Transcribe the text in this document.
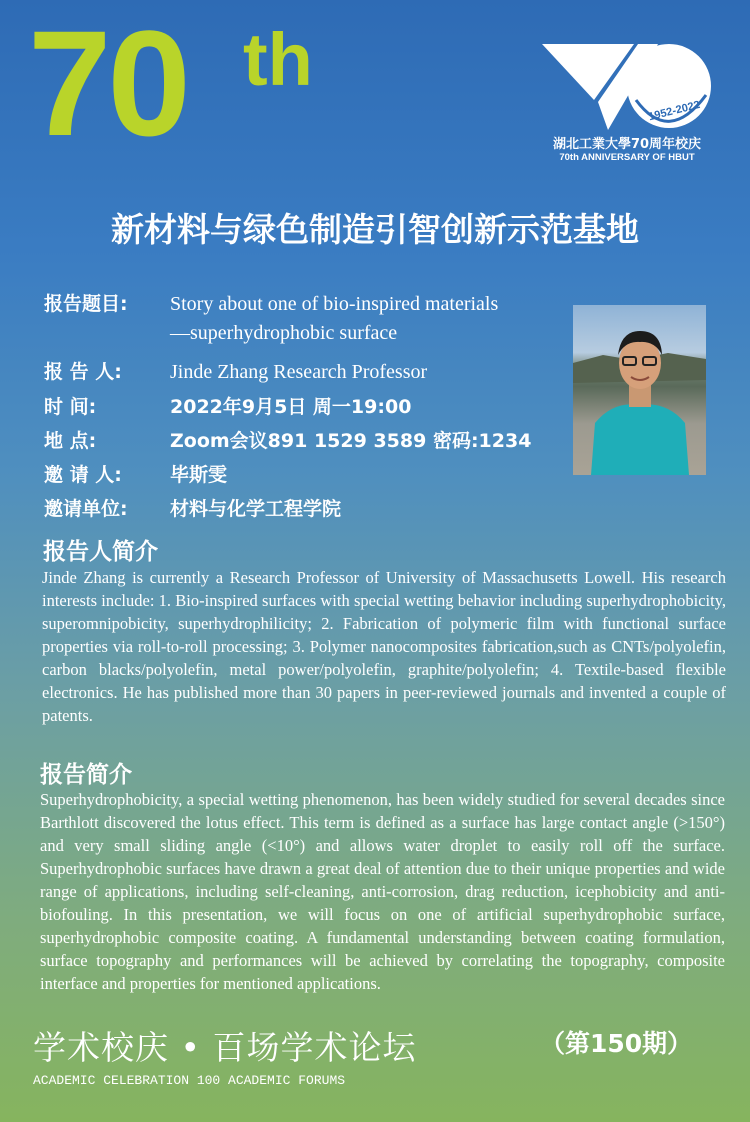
70 th
1952-2022
湖北工業大學70周年校庆
70th ANNIVERSARY OF HBUT
新材料与绿色制造引智创新示范基地
报告题目: Story about one of bio-inspired materials
—superhydrophobic surface
报 告 人: Jinde Zhang Research Professor
时 间:	2022年9月5日 周一19:00
地 点:	Zoom会议891 1529 3589 密码:1234
邀 请 人:	毕斯雯
邀请单位: 材料与化学工程学院
报告人简介
Jinde Zhang is currently a Research Professor of University of Massachusetts Lowell. His research interests include: 1. Bio-inspired surfaces with special wetting behavior including superhydrophobicity, superomnipobicity, superhydrophilicity; 2. Fabrication of polymeric film with functional surface properties via roll-to-roll processing; 3. Polymer nanocomposites fabrication,such as CNTs/polyolefin, carbon blacks/polyolefin, metal power/polyolefin, graphite/polyolefin; 4. Textile-based flexible electronics. He has published more than 30 papers in peer-reviewed journals and invented a couple of patents.
报告简介
Superhydrophobicity, a special wetting phenomenon, has been widely studied for several decades since Barthlott discovered the lotus effect. This term is defined as a surface has large contact angle (>150°) and very small sliding angle (<10°) and allows water droplet to easily roll off the surface. Superhydrophobic surfaces have drawn a great deal of attention due to their unique properties and wide range of applications, including self-cleaning, anti-corrosion, drag reduction, icephobicity and anti-biofouling. In this presentation, we will focus on one of artificial superhydrophobic surface, superhydrophobic composite coating. A fundamental understanding between coating formulation, surface topography and performances will be achieved by correlating the topography, composite interface and properties for mentioned applications.
学术校庆 • 百场学术论坛	（第150期）
ACADEMIC CELEBRATION 100 ACADEMIC FORUMS
